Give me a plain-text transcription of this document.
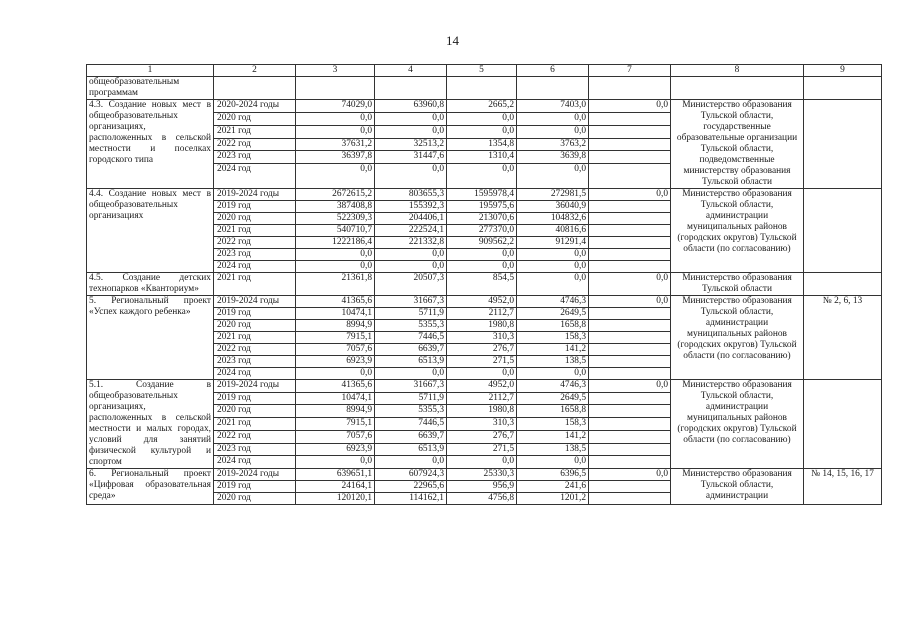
14
1	2	3	4	5	6	7	8	9
общеобразовательным программам								
4.3. Создание новых мест в общеобразовательных организациях, расположенных в сельской местности и поселках городского типа	2020-2024 годы	74029,0	63960,8	2665,2	7403,0	0,0	Министерство образования Тульской области, государственные образовательные организации Тульской области, подведомственные министерству образования Тульской области	
	2020 год	0,0	0,0	0,0	0,0			
	2021 год	0,0	0,0	0,0	0,0			
	2022 год	37631,2	32513,2	1354,8	3763,2			
	2023 год	36397,8	31447,6	1310,4	3639,8			
	2024 год	0,0	0,0	0,0	0,0			
4.4. Создание новых мест в общеобразовательных организациях	2019-2024 годы	2672615,2	803655,3	1595978,4	272981,5	0,0	Министерство образования Тульской области, администрации муниципальных районов (городских округов) Тульской области (по согласованию)	
	2019 год	387408,8	155392,3	195975,6	36040,9			
	2020 год	522309,3	204406,1	213070,6	104832,6			
	2021 год	540710,7	222524,1	277370,0	40816,6			
	2022 год	1222186,4	221332,8	909562,2	91291,4			
	2023 год	0,0	0,0	0,0	0,0			
	2024 год	0,0	0,0	0,0	0,0			
4.5. Создание детских технопарков «Кванториум»	2021 год	21361,8	20507,3	854,5	0,0	0,0	Министерство образования Тульской области	
5. Региональный проект «Успех каждого ребенка»	2019-2024 годы	41365,6	31667,3	4952,0	4746,3	0,0	Министерство образования Тульской области, администрации муниципальных районов (городских округов) Тульской области (по согласованию)	№ 2, 6, 13
	2019 год	10474,1	5711,9	2112,7	2649,5			
	2020 год	8994,9	5355,3	1980,8	1658,8			
	2021 год	7915,1	7446,5	310,3	158,3			
	2022 год	7057,6	6639,7	276,7	141,2			
	2023 год	6923,9	6513,9	271,5	138,5			
	2024 год	0,0	0,0	0,0	0,0			
5.1. Создание в общеобразовательных организациях, расположенных в сельской местности и малых городах, условий для занятий физической культурой и спортом	2019-2024 годы	41365,6	31667,3	4952,0	4746,3	0,0	Министерство образования Тульской области, администрации муниципальных районов (городских округов) Тульской области (по согласованию)	
	2019 год	10474,1	5711,9	2112,7	2649,5			
	2020 год	8994,9	5355,3	1980,8	1658,8			
	2021 год	7915,1	7446,5	310,3	158,3			
	2022 год	7057,6	6639,7	276,7	141,2			
	2023 год	6923,9	6513,9	271,5	138,5			
	2024 год	0,0	0,0	0,0	0,0			
6. Региональный проект «Цифровая образовательная среда»	2019-2024 годы	639651,1	607924,3	25330,3	6396,5	0,0	Министерство образования Тульской области, администрации	№ 14, 15, 16, 17
	2019 год	24164,1	22965,6	956,9	241,6			
	2020 год	120120,1	114162,1	4756,8	1201,2			
